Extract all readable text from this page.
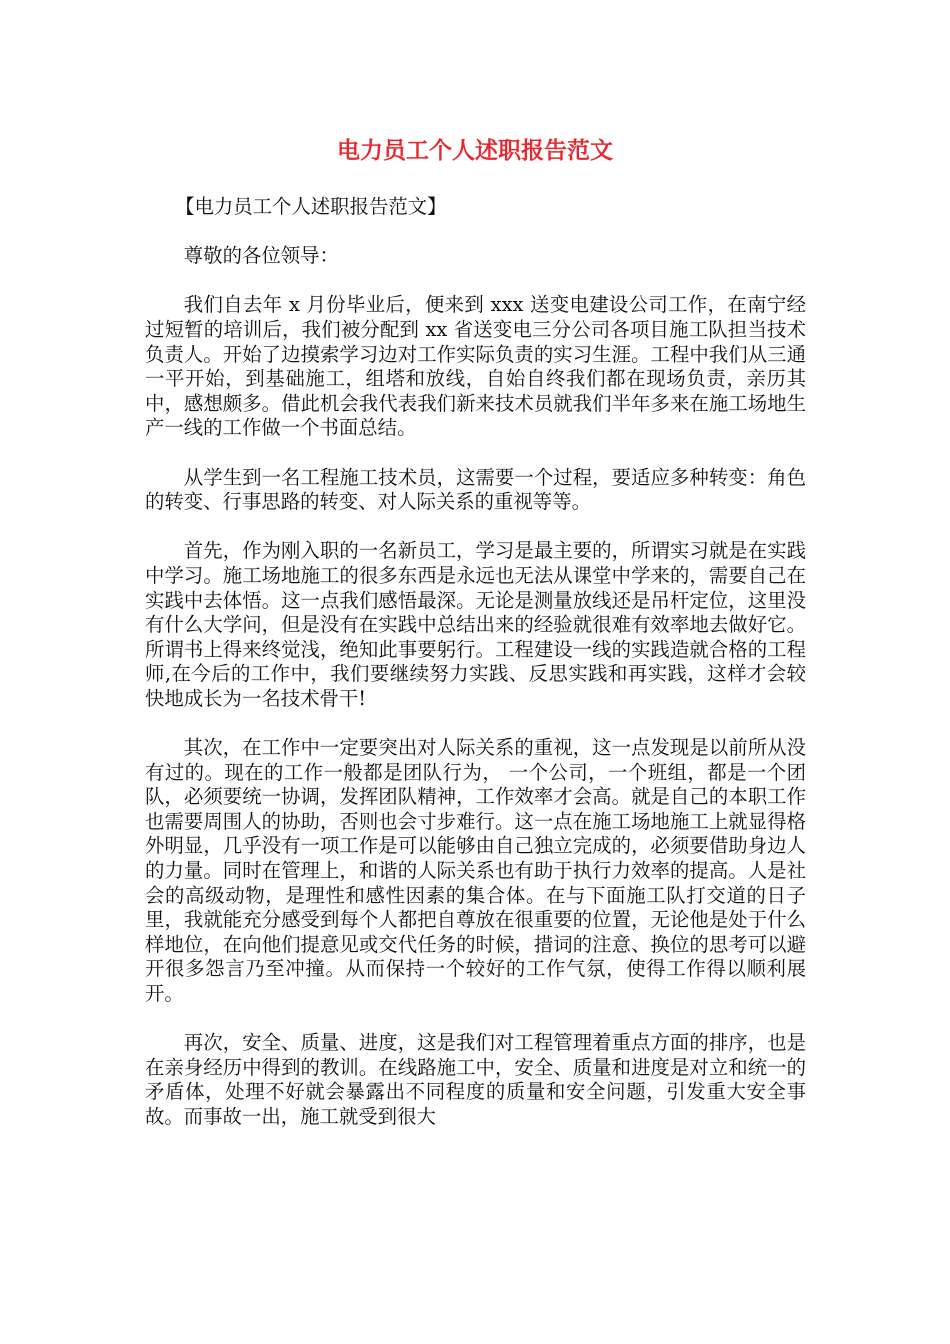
电力员工个人述职报告范文

【电力员工个人述职报告范文】

尊敬的各位领导：

我们自去年 x 月份毕业后，便来到 xxx 送变电建设公司工作，在南宁经过短暂的培训后，我们被分配到 xx 省送变电三分公司各项目施工队担当技术负责人。开始了边摸索学习边对工作实际负责的实习生涯。工程中我们从三通一平开始，到基础施工，组塔和放线，自始自终我们都在现场负责，亲历其中，感想颇多。借此机会我代表我们新来技术员就我们半年多来在施工场地生产一线的工作做一个书面总结。

从学生到一名工程施工技术员，这需要一个过程，要适应多种转变：角色的转变、行事思路的转变、对人际关系的重视等等。

首先，作为刚入职的一名新员工，学习是最主要的，所谓实习就是在实践中学习。施工场地施工的很多东西是永远也无法从课堂中学来的，需要自己在实践中去体悟。这一点我们感悟最深。无论是测量放线还是吊杆定位，这里没有什么大学问，但是没有在实践中总结出来的经验就很难有效率地去做好它。所谓书上得来终觉浅，绝知此事要躬行。工程建设一线的实践造就合格的工程师,在今后的工作中，我们要继续努力实践、反思实践和再实践，这样才会较快地成长为一名技术骨干!

其次，在工作中一定要突出对人际关系的重视，这一点发现是以前所从没有过的。现在的工作一般都是团队行为， 一个公司，一个班组，都是一个团队，必须要统一协调，发挥团队精神，工作效率才会高。就是自己的本职工作也需要周围人的协助，否则也会寸步难行。这一点在施工场地施工上就显得格外明显，几乎没有一项工作是可以能够由自己独立完成的，必须要借助身边人的力量。同时在管理上，和谐的人际关系也有助于执行力效率的提高。人是社会的高级动物，是理性和感性因素的集合体。在与下面施工队打交道的日子里，我就能充分感受到每个人都把自尊放在很重要的位置，无论他是处于什么样地位，在向他们提意见或交代任务的时候，措词的注意、换位的思考可以避开很多怨言乃至冲撞。从而保持一个较好的工作气氛，使得工作得以顺利展开。

再次，安全、质量、进度，这是我们对工程管理着重点方面的排序，也是在亲身经历中得到的教训。在线路施工中，安全、质量和进度是对立和统一的矛盾体，处理不好就会暴露出不同程度的质量和安全问题，引发重大安全事故。而事故一出，施工就受到很大
